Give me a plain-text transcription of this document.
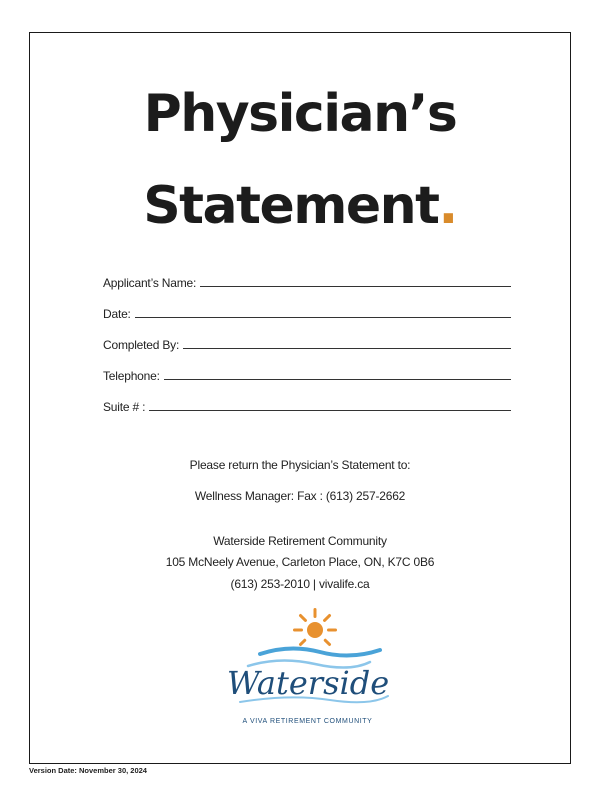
Physician’s
Statement.
Applicant’s Name:
Date:
Completed By:
Telephone:
Suite # :
Please return the Physician’s Statement to:
Wellness Manager: Fax : (613) 257-2662
Waterside Retirement Community
105 McNeely Avenue, Carleton Place, ON, K7C 0B6
(613) 253-2010 | vivalife.ca
Waterside
A VIVA RETIREMENT COMMUNITY
Version Date: November 30, 2024
